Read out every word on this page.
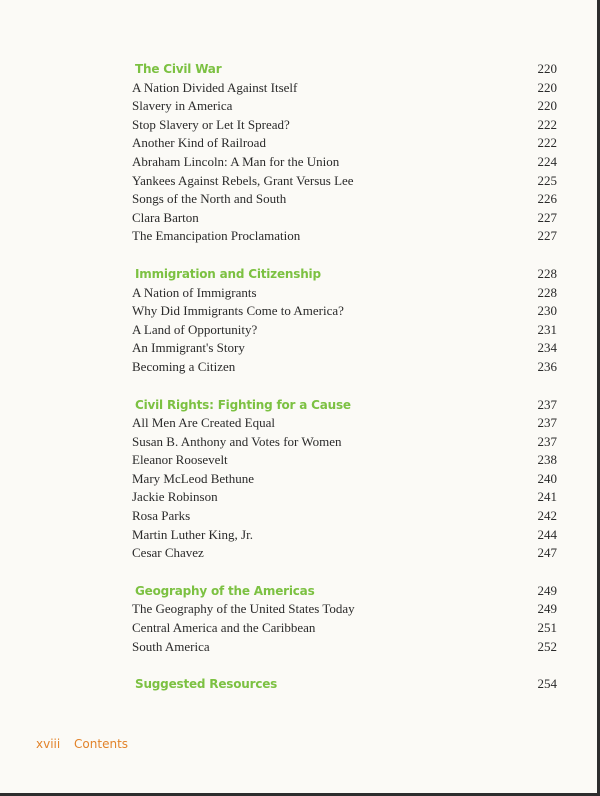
The Civil War	220
A Nation Divided Against Itself	220
Slavery in America	220
Stop Slavery or Let It Spread?	222
Another Kind of Railroad	222
Abraham Lincoln: A Man for the Union	224
Yankees Against Rebels, Grant Versus Lee	225
Songs of the North and South	226
Clara Barton	227
The Emancipation Proclamation	227
Immigration and Citizenship	228
A Nation of Immigrants	228
Why Did Immigrants Come to America?	230
A Land of Opportunity?	231
An Immigrant's Story	234
Becoming a Citizen	236
Civil Rights: Fighting for a Cause	237
All Men Are Created Equal	237
Susan B. Anthony and Votes for Women	237
Eleanor Roosevelt	238
Mary McLeod Bethune	240
Jackie Robinson	241
Rosa Parks	242
Martin Luther King, Jr.	244
Cesar Chavez	247
Geography of the Americas	249
The Geography of the United States Today	249
Central America and the Caribbean	251
South America	252
Suggested Resources	254
xviii Contents
